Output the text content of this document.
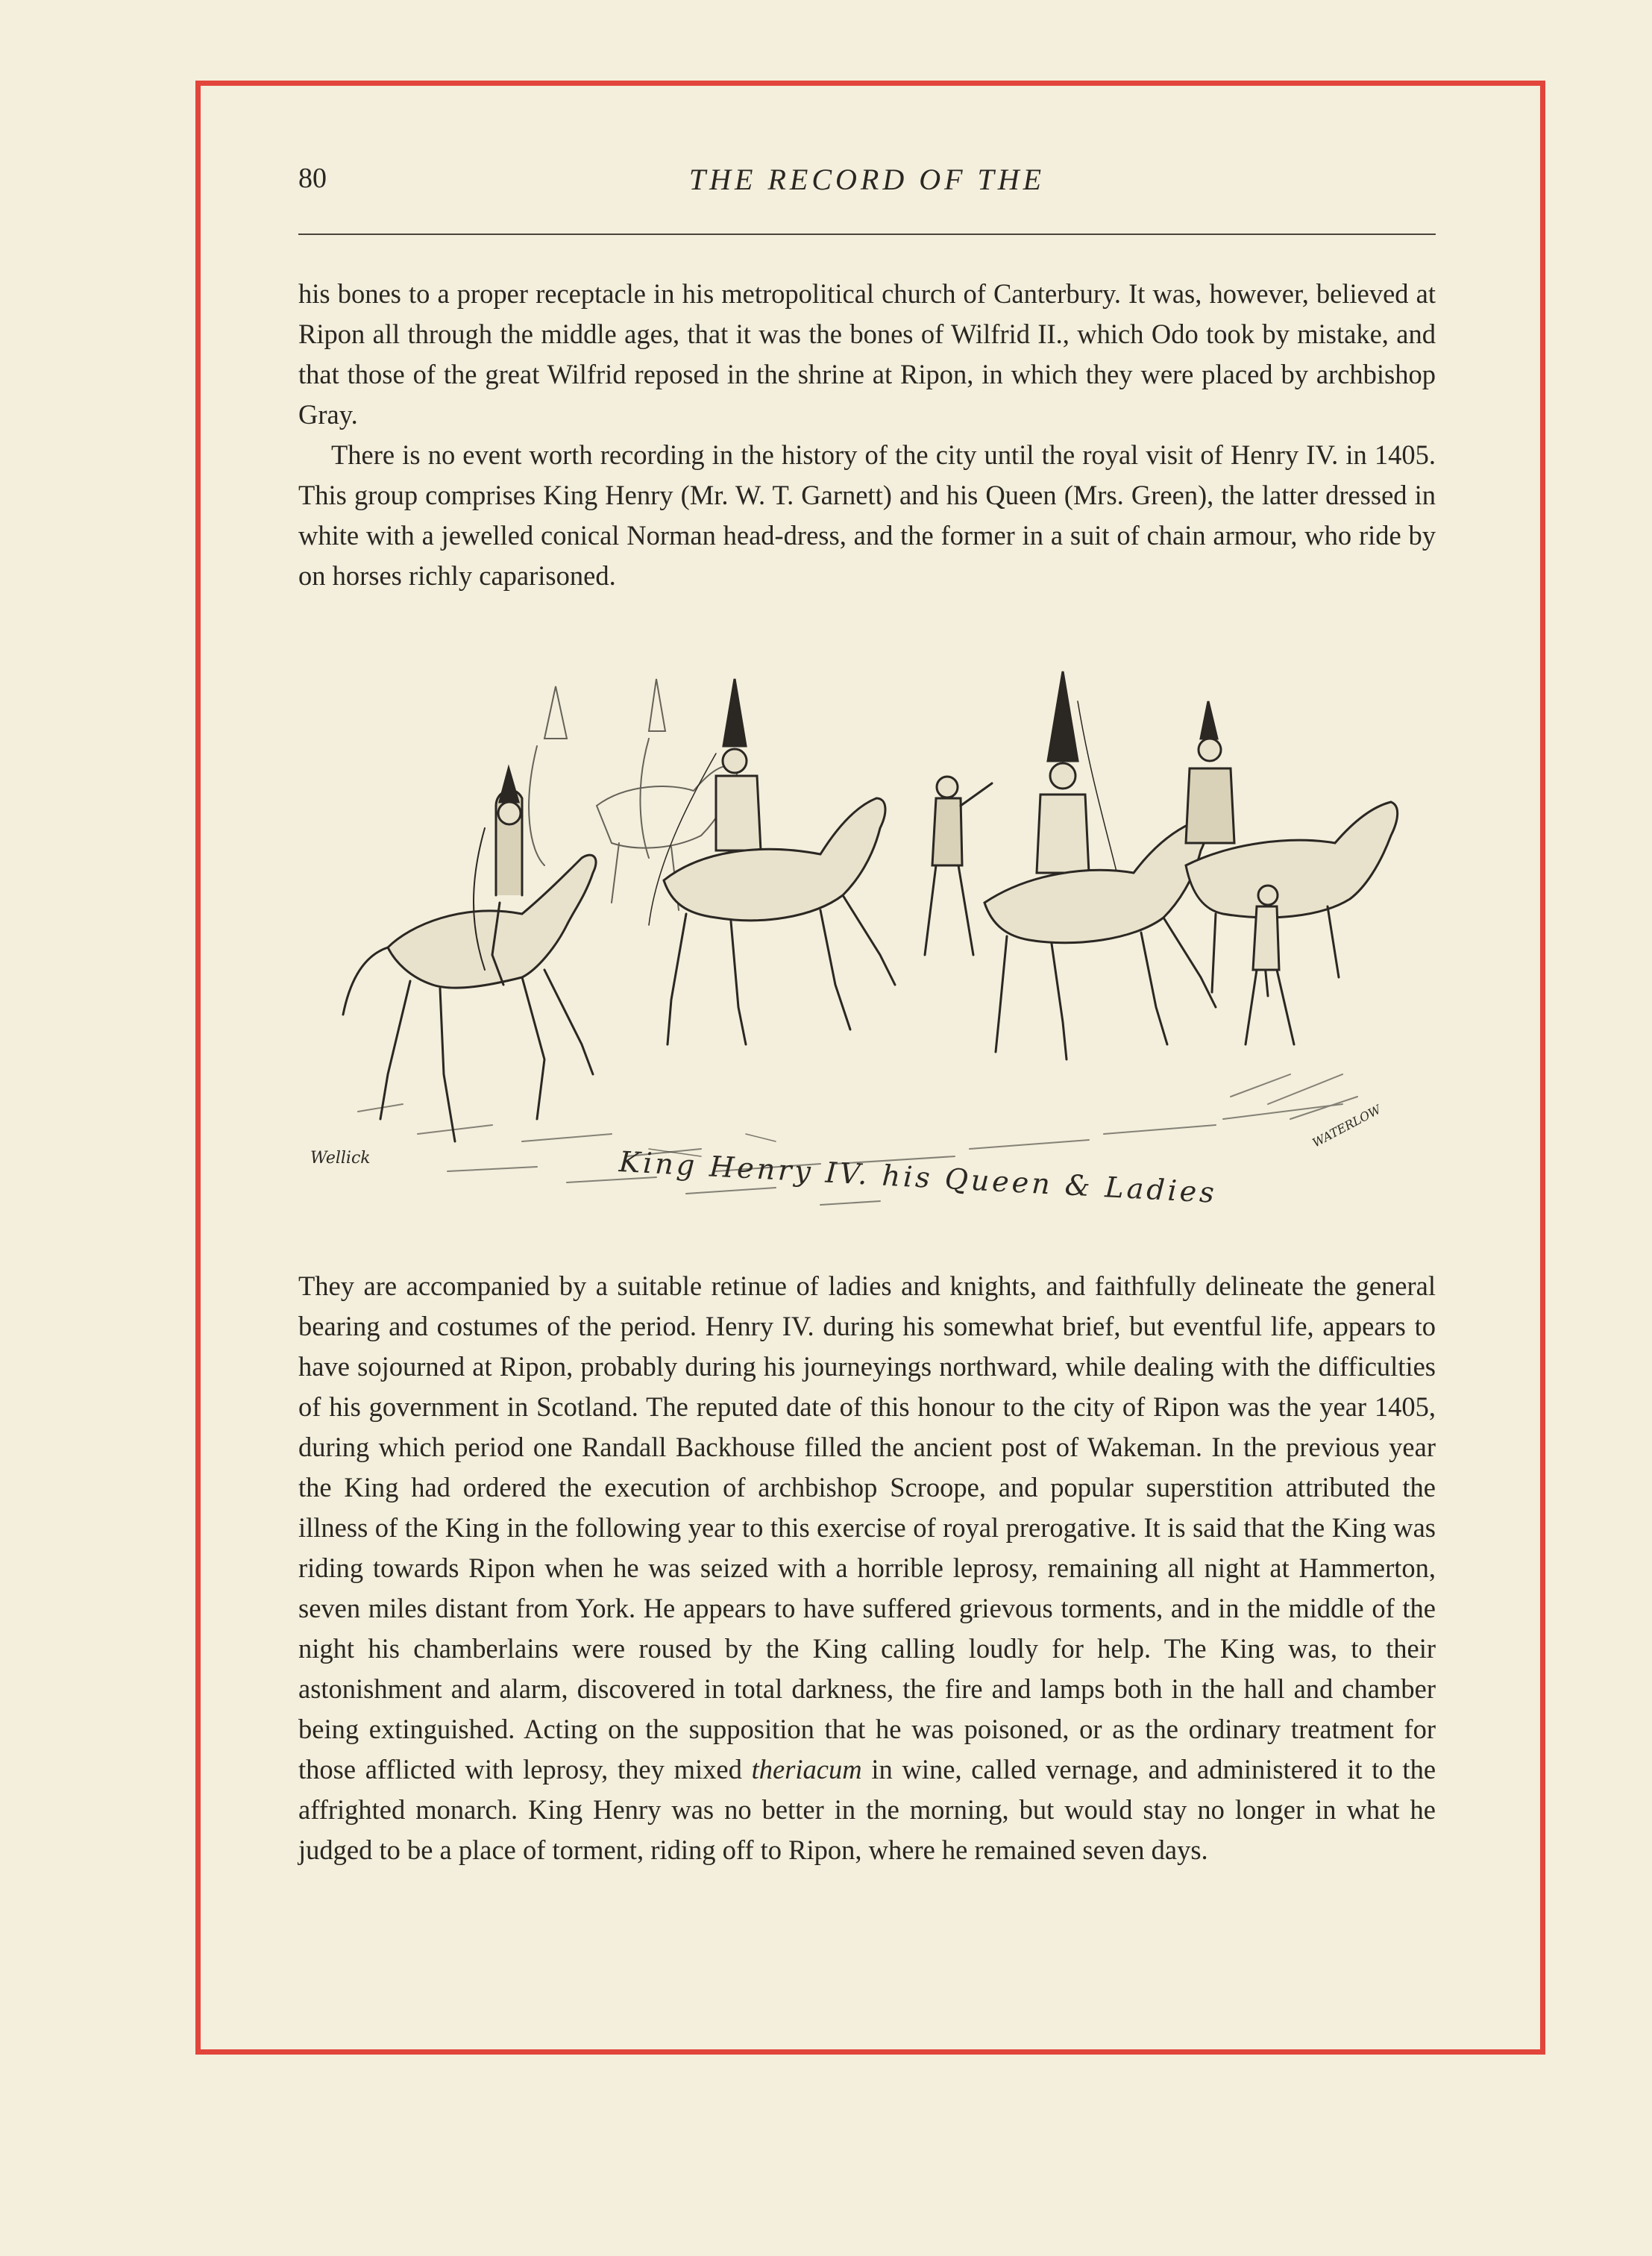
80	THE RECORD OF THE

his bones to a proper receptacle in his metropolitical church of Canterbury. It was, however, believed at Ripon all through the middle ages, that it was the bones of Wilfrid II., which Odo took by mistake, and that those of the great Wilfrid reposed in the shrine at Ripon, in which they were placed by archbishop Gray.

There is no event worth recording in the history of the city until the royal visit of Henry IV. in 1405. This group comprises King Henry (Mr. W. T. Garnett) and his Queen (Mrs. Green), the latter dressed in white with a jewelled conical Norman head-dress, and the former in a suit of chain armour, who ride by on horses richly caparisoned.

King Henry IV. his Queen & Ladies
Wellick
WATERLOW

They are accompanied by a suitable retinue of ladies and knights, and faithfully delineate the general bearing and costumes of the period. Henry IV. during his somewhat brief, but eventful life, appears to have sojourned at Ripon, probably during his journeyings northward, while dealing with the difficulties of his government in Scotland. The reputed date of this honour to the city of Ripon was the year 1405, during which period one Randall Backhouse filled the ancient post of Wakeman. In the previous year the King had ordered the execution of archbishop Scroope, and popular superstition attributed the illness of the King in the following year to this exercise of royal prerogative. It is said that the King was riding towards Ripon when he was seized with a horrible leprosy, remaining all night at Hammerton, seven miles distant from York. He appears to have suffered grievous torments, and in the middle of the night his chamberlains were roused by the King calling loudly for help. The King was, to their astonishment and alarm, discovered in total darkness, the fire and lamps both in the hall and chamber being extinguished. Acting on the supposition that he was poisoned, or as the ordinary treatment for those afflicted with leprosy, they mixed theriacum in wine, called vernage, and administered it to the affrighted monarch. King Henry was no better in the morning, but would stay no longer in what he judged to be a place of torment, riding off to Ripon, where he remained seven days.
